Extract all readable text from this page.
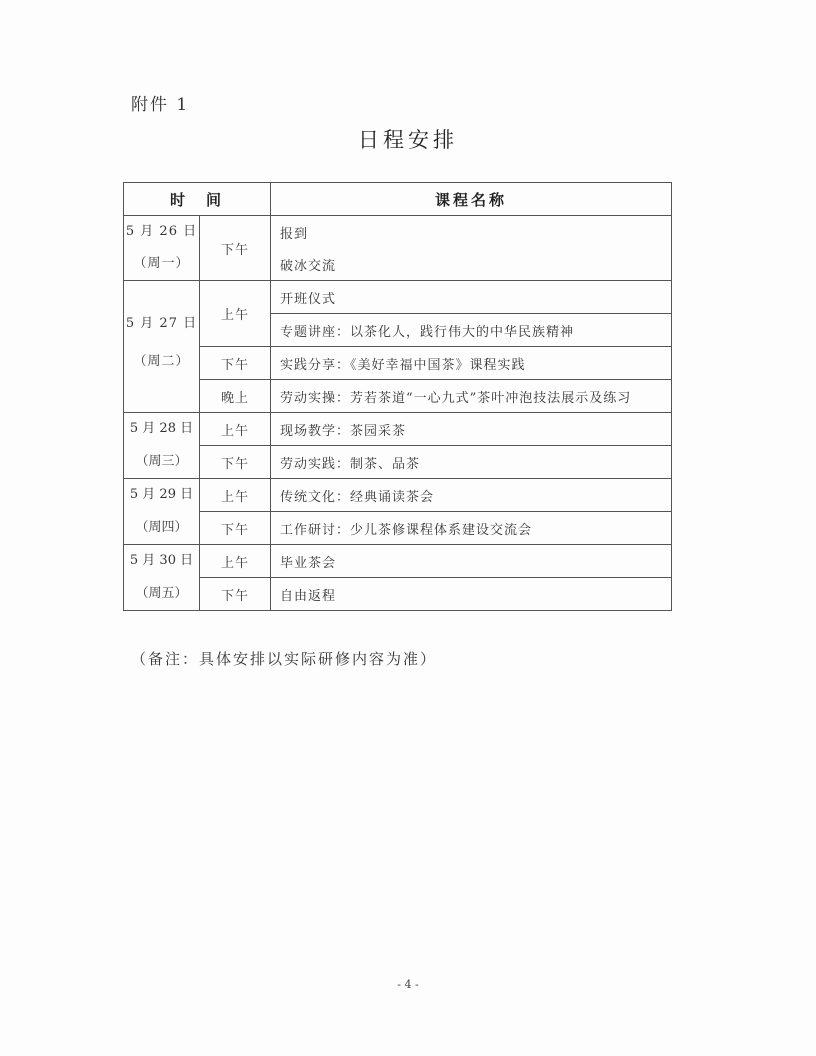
附件 1
日程安排
时　间		课程名称

5 月 26 日
（周一）	下午	报到
		破冰交流

5 月 27 日
（周二）	上午	开班仪式
		专题讲座：以茶化人，践行伟大的中华民族精神
	下午	实践分享：《美好幸福中国茶》课程实践
	晚上	劳动实操：芳若茶道“一心九式”茶叶冲泡技法展示及练习
5 月 28 日	上午	现场教学：茶园采茶
（周三）	下午	劳动实践：制茶、品茶
5 月 29 日	上午	传统文化：经典诵读茶会
（周四）	下午	工作研讨：少儿茶修课程体系建设交流会
5 月 30 日	上午	毕业茶会
（周五）	下午	自由返程
（备注：具体安排以实际研修内容为准）
- 4 -
